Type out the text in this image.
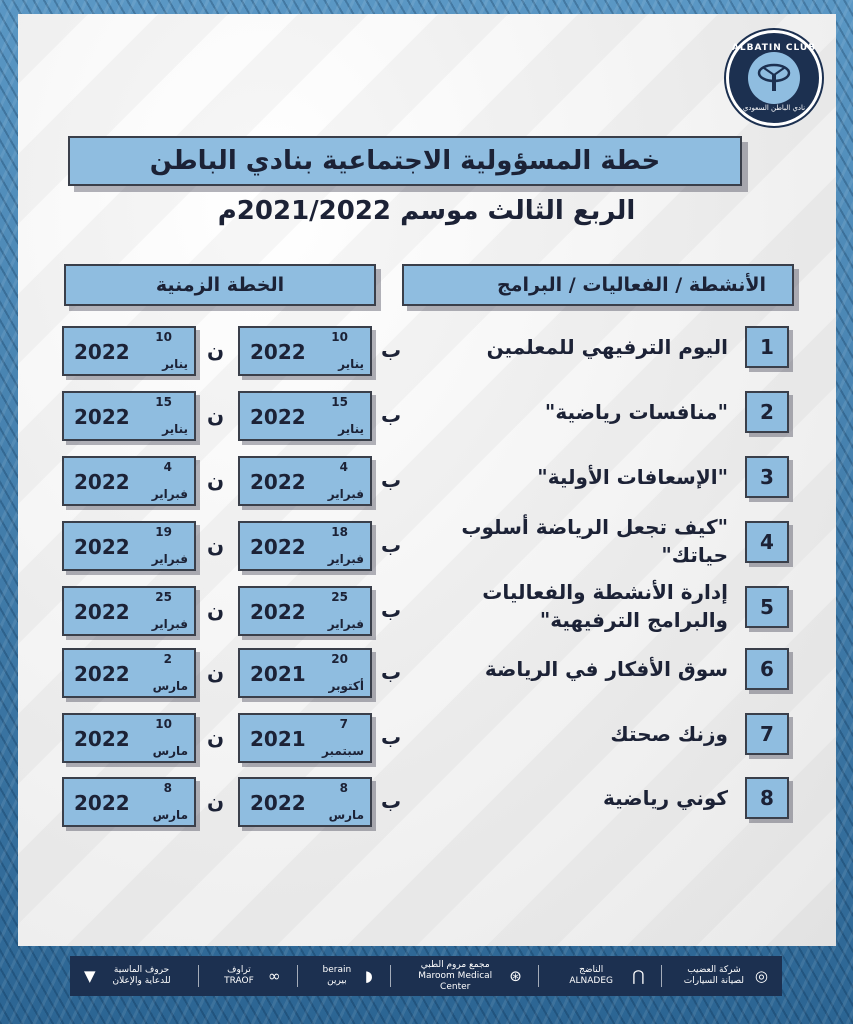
ALBATIN CLUB
نادي الباطن السعودي
خطة المسؤولية الاجتماعية بنادي الباطن
الربع الثالث موسم 2021/2022م
الأنشطة / الفعاليات / البرامج
الخطة الزمنية
1
اليوم الترفيهي للمعلمين
ب
2022
10
يناير
ن
2022
10
يناير
2
"منافسات رياضية"
ب
2022
15
يناير
ن
2022
15
يناير
3
"الإسعافات الأولية"
ب
2022
4
فبراير
ن
2022
4
فبراير
4
"كيف تجعل الرياضة أسلوب حياتك"
ب
2022
18
فبراير
ن
2022
19
فبراير
5
إدارة الأنشطة والفعاليات والبرامج الترفيهية"
ب
2022
25
فبراير
ن
2022
25
فبراير
6
سوق الأفكار في الرياضة
ب
2021
20
أكتوبر
ن
2022
2
مارس
7
وزنك صحتك
ب
2021
7
سبتمبر
ن
2022
10
مارس
8
كوني رياضية
ب
2022
8
مارس
ن
2022
8
مارس
◎
شركة العضيب لصيانة السيارات
⋂
الناضج ALNADEG
⊛
مجمع مروم الطبي Maroom Medical Center
◗
berain بيرين
∞
تراوف TRAOF
حروف الماسية للدعاية والإعلان
▼
